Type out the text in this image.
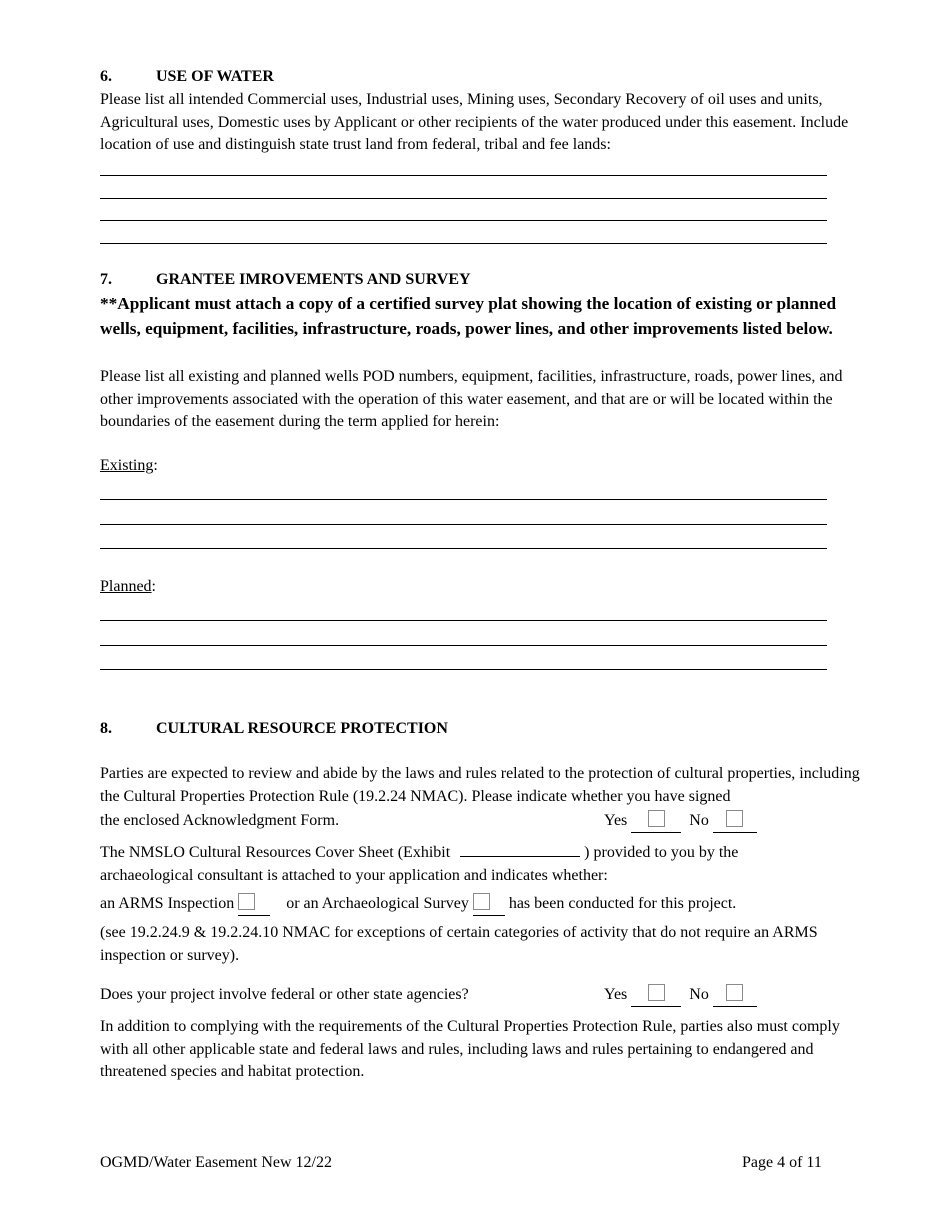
6.	USE OF WATER
Please list all intended Commercial uses, Industrial uses, Mining uses, Secondary Recovery of oil uses and units, Agricultural uses, Domestic uses by Applicant or other recipients of the water produced under this easement. Include location of use and distinguish state trust land from federal, tribal and fee lands:
7.	GRANTEE IMROVEMENTS AND SURVEY
**Applicant must attach a copy of a certified survey plat showing the location of existing or planned wells, equipment, facilities, infrastructure, roads, power lines, and other improvements listed below.
Please list all existing and planned wells POD numbers, equipment, facilities, infrastructure, roads, power lines, and other improvements associated with the operation of this water easement, and that are or will be located within the boundaries of the easement during the term applied for herein:
Existing:
Planned:
8.	CULTURAL RESOURCE PROTECTION
Parties are expected to review and abide by the laws and rules related to the protection of cultural properties, including the Cultural Properties Protection Rule (19.2.24 NMAC). Please indicate whether you have signed
the enclosed Acknowledgment Form.	Yes	No
The NMSLO Cultural Resources Cover Sheet (Exhibit	) provided to you by the
archaeological consultant is attached to your application and indicates whether:
an ARMS Inspection	or an Archaeological Survey	has been conducted for this project.
(see 19.2.24.9 & 19.2.24.10 NMAC for exceptions of certain categories of activity that do not require an ARMS inspection or survey).
Does your project involve federal or other state agencies?	Yes	No
In addition to complying with the requirements of the Cultural Properties Protection Rule, parties also must comply with all other applicable state and federal laws and rules, including laws and rules pertaining to endangered and threatened species and habitat protection.
OGMD/Water Easement New 12/22	Page 4 of 11
